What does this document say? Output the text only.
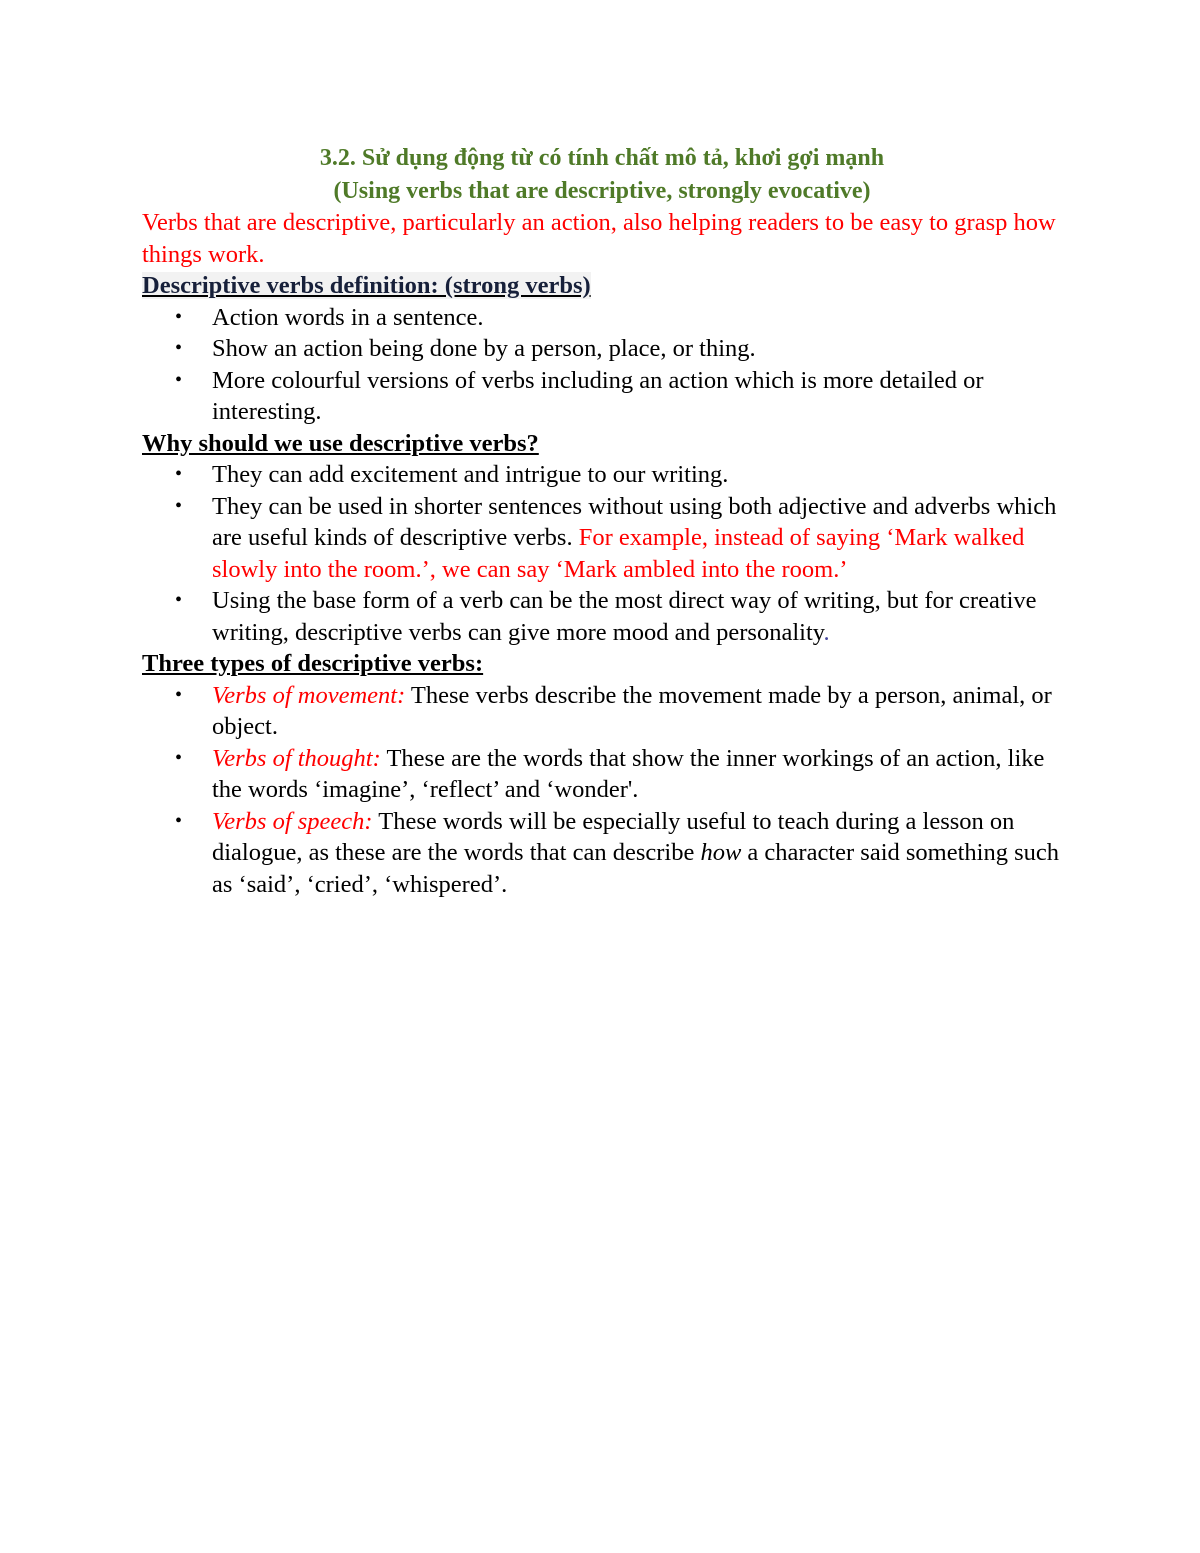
3.2. Sử dụng động từ có tính chất mô tả, khơi gợi mạnh
(Using verbs that are descriptive, strongly evocative)

Verbs that are descriptive, particularly an action, also helping readers to be easy to grasp how things work.

Descriptive verbs definition: (strong verbs)

• Action words in a sentence.
• Show an action being done by a person, place, or thing.
• More colourful versions of verbs including an action which is more detailed or interesting.

Why should we use descriptive verbs?

• They can add excitement and intrigue to our writing.
• They can be used in shorter sentences without using both adjective and adverbs which are useful kinds of descriptive verbs. For example, instead of saying ‘Mark walked slowly into the room.’, we can say ‘Mark ambled into the room.’
• Using the base form of a verb can be the most direct way of writing, but for creative writing, descriptive verbs can give more mood and personality.

Three types of descriptive verbs:

• Verbs of movement: These verbs describe the movement made by a person, animal, or object.
• Verbs of thought: These are the words that show the inner workings of an action, like the words ‘imagine’, ‘reflect’ and ‘wonder'.
• Verbs of speech: These words will be especially useful to teach during a lesson on dialogue, as these are the words that can describe how a character said something such as ‘said’, ‘cried’, ‘whispered’.
